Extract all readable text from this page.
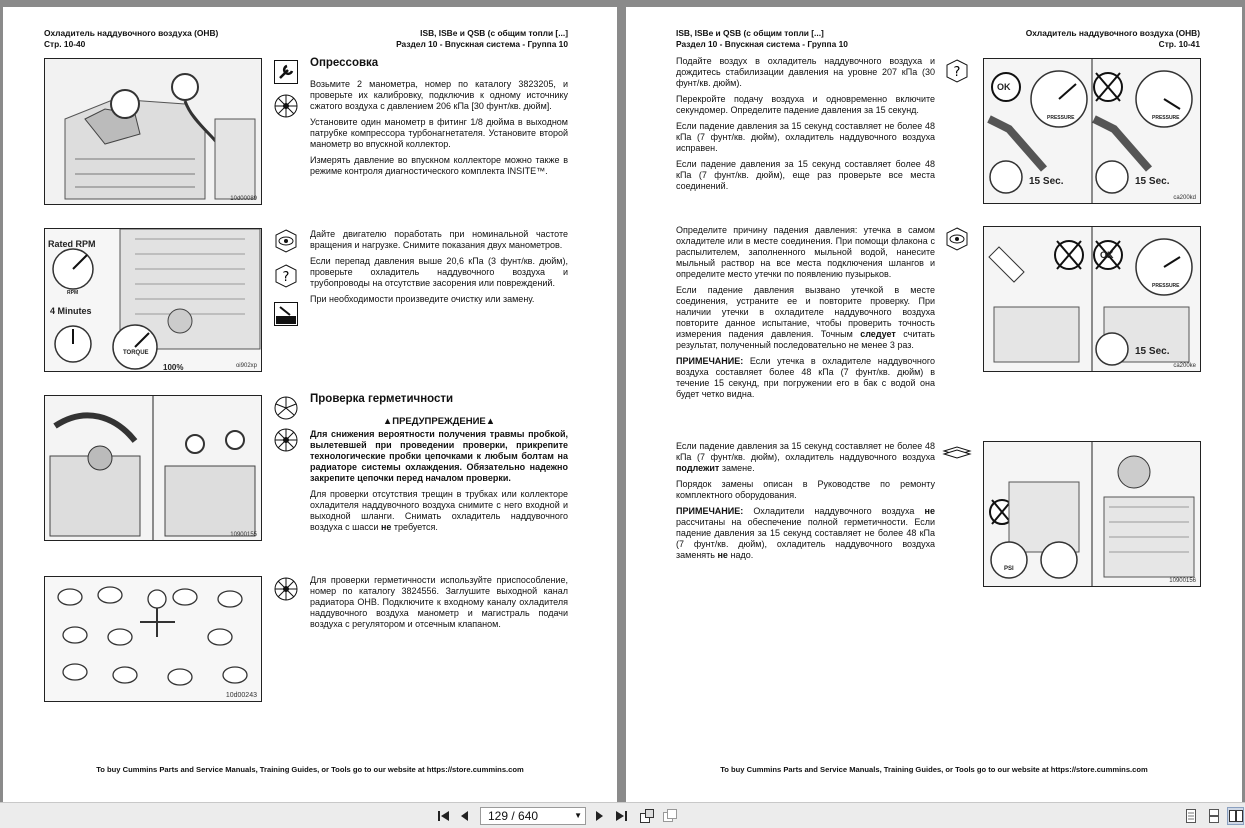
Охладитель наддувочного воздуха (ОНВ)
Стр. 10-40
ISB, ISBe и QSB (с общим топли [...]
Раздел 10 - Впускная система - Группа 10
10d00089
Опрессовка

Возьмите 2 манометра, номер по каталогу 3823205, и проверьте их калибровку, подключив к одному источнику сжатого воздуха с давлением 206 кПа [30 фунт/кв. дюйм].

Установите один манометр в фитинг 1/8 дюйма в выходном патрубке компрессора турбонагнетателя. Установите второй манометр во впускной коллектор.

Измерять давление во впускном коллекторе можно также в режиме контроля диагностического комплекта INSITE™.

Rated RPM
4 Minutes
RPM
TORQUE
100%	oi902xp
?

Дайте двигателю поработать при номинальной частоте вращения и нагрузке. Снимите показания двух манометров.

Если перепад давления выше 20,6 кПа (3 фунт/кв. дюйм), проверьте охладитель наддувочного воздуха и трубопроводы на отсутствие засорения или повреждений.

При необходимости произведите очистку или замену.

10900155
Проверка герметичности
▲ПРЕДУПРЕЖДЕНИЕ▲

Для снижения вероятности получения травмы пробкой, вылетевшей при проведении проверки, прикрепите технологические пробки цепочками к любым болтам на радиаторе системы охлаждения. Обязательно надежно закрепите цепочки перед началом проверки.

Для проверки отсутствия трещин в трубках или коллекторе охладителя наддувочного воздуха снимите с него входной и выходной шланги. Снимать охладитель наддувочного воздуха с шасси не требуется.

10d00243

Для проверки герметичности используйте приспособление, номер по каталогу 3824556. Заглушите выходной канал радиатора ОНВ. Подключите к входному каналу охладителя наддувочного воздуха манометр и магистраль подачи воздуха с регулятором и отсечным клапаном.

To buy Cummins Parts and Service Manuals, Training Guides, or Tools go to our website at https://store.cummins.com
ISB, ISBe и QSB (с общим топли [...]
Раздел 10 - Впускная система - Группа 10
Охладитель наддувочного воздуха (ОНВ)
Стр. 10-41

Подайте воздух в охладитель наддувочного воздуха и дождитесь стабилизации давления на уровне 207 кПа (30 фунт/кв. дюйм).

Перекройте подачу воздуха и одновременно включите секундомер. Определите падение давления за 15 секунд.

Если падение давления за 15 секунд составляет не более 48 кПа (7 фунт/кв. дюйм), охладитель наддувочного воздуха исправен.

Если падение давления за 15 секунд составляет более 48 кПа (7 фунт/кв. дюйм), еще раз проверьте все места соединений.

?
OK
15 Sec.	15 Sec.
PRESSURE	PRESSURE
ca200kd

Определите причину падения давления: утечка в самом охладителе или в месте соединения. При помощи флакона с распылителем, заполненного мыльной водой, нанесите мыльный раствор на все места подключения шлангов и определите место утечки по появлению пузырьков.

Если падение давления вызвано утечкой в месте соединения, устраните ее и повторите проверку. При наличии утечки в охладителе наддувочного воздуха повторите данное испытание, чтобы проверить точность измерения падения давления. Точным следует считать результат, полученный последовательно не менее 3 раз.

ПРИМЕЧАНИЕ: Если утечка в охладителе наддувочного воздуха составляет более 48 кПа (7 фунт/кв. дюйм) в течение 15 секунд, при погружении его в бак с водой она будет четко видна.

OK
15 Sec.
PRESSURE
ca200ke

Если падение давления за 15 секунд составляет не более 48 кПа (7 фунт/кв. дюйм), охладитель наддувочного воздуха подлежит замене.

Порядок замены описан в Руководстве по ремонту комплектного оборудования.

ПРИМЕЧАНИЕ: Охладители наддувочного воздуха не рассчитаны на обеспечение полной герметичности. Если падение давления за 15 секунд составляет не более 48 кПа (7 фунт/кв. дюйм), охладитель наддувочного воздуха заменять не надо.

PSI
10900156
To buy Cummins Parts and Service Manuals, Training Guides, or Tools go to our website at https://store.cummins.com
129 / 640	▼
